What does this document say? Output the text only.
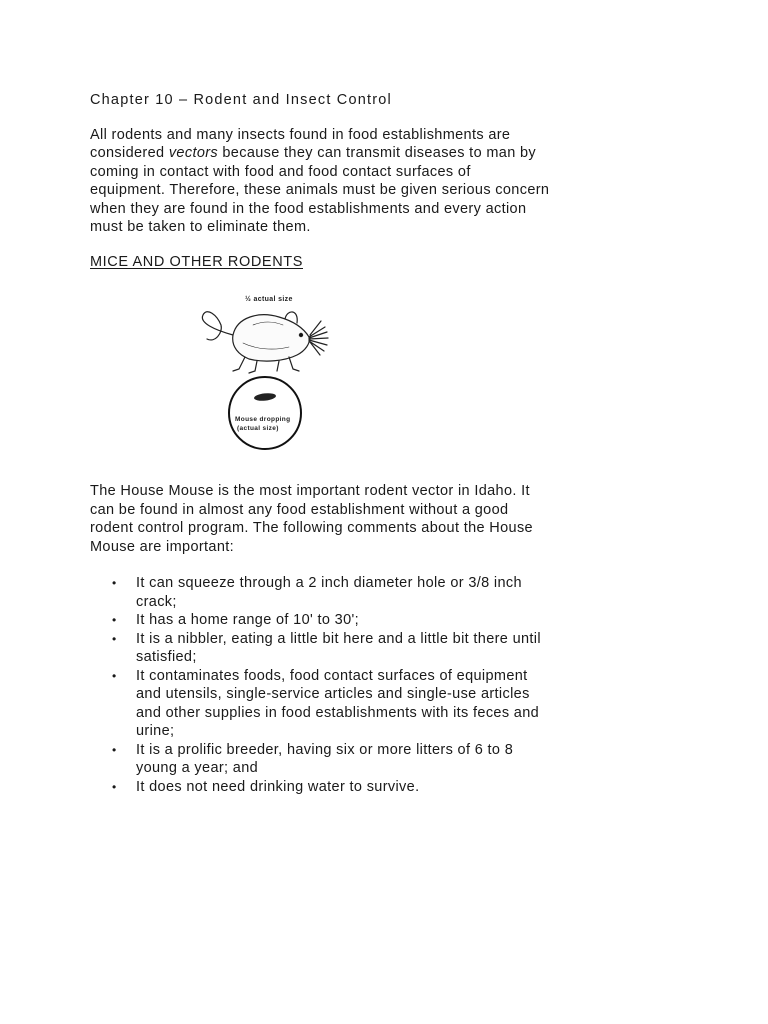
Chapter 10 – Rodent and Insect Control

All rodents and many insects found in food establishments are considered vectors because they can transmit diseases to man by coming in contact with food and food contact surfaces of equipment. Therefore, these animals must be given serious concern when they are found in the food establishments and every action must be taken to eliminate them.

MICE AND OTHER RODENTS
½ actual size
Mouse dropping
(actual size)

The House Mouse is the most important rodent vector in Idaho. It can be found in almost any food establishment without a good rodent control program. The following comments about the House Mouse are important:

• It can squeeze through a 2 inch diameter hole or 3/8 inch crack;
• It has a home range of 10' to 30';
• It is a nibbler, eating a little bit here and a little bit there until satisfied;
• It contaminates foods, food contact surfaces of equipment and utensils, single-service articles and single-use articles and other supplies in food establishments with its feces and urine;
• It is a prolific breeder, having six or more litters of 6 to 8 young a year; and
• It does not need drinking water to survive.
